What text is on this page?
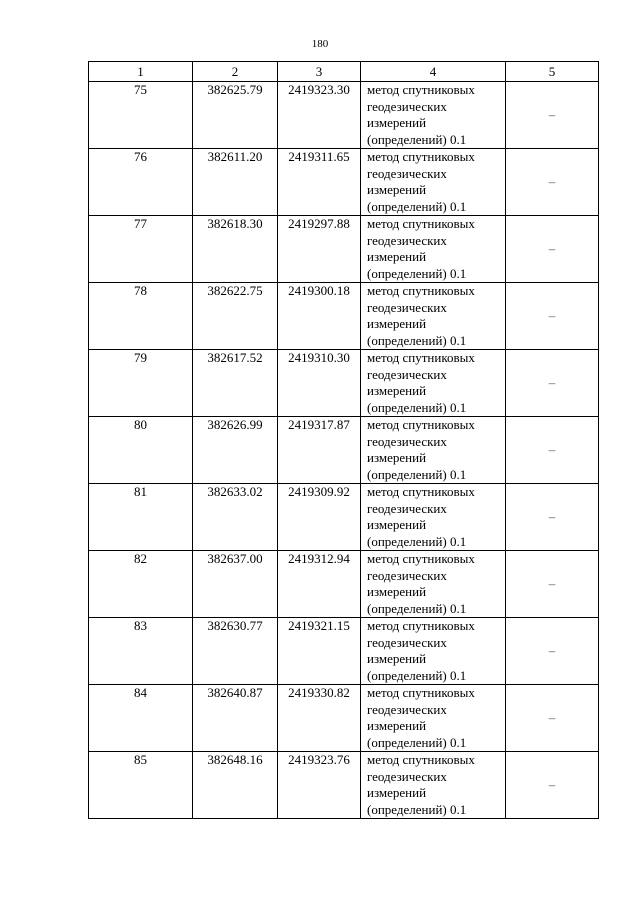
180
1	2	3	4	5
75	382625.79	2419323.30	метод спутниковых геодезических измерений (определений) 0.1	–
76	382611.20	2419311.65	метод спутниковых геодезических измерений (определений) 0.1	–
77	382618.30	2419297.88	метод спутниковых геодезических измерений (определений) 0.1	–
78	382622.75	2419300.18	метод спутниковых геодезических измерений (определений) 0.1	–
79	382617.52	2419310.30	метод спутниковых геодезических измерений (определений) 0.1	–
80	382626.99	2419317.87	метод спутниковых геодезических измерений (определений) 0.1	–
81	382633.02	2419309.92	метод спутниковых геодезических измерений (определений) 0.1	–
82	382637.00	2419312.94	метод спутниковых геодезических измерений (определений) 0.1	–
83	382630.77	2419321.15	метод спутниковых геодезических измерений (определений) 0.1	–
84	382640.87	2419330.82	метод спутниковых геодезических измерений (определений) 0.1	–
85	382648.16	2419323.76	метод спутниковых геодезических измерений (определений) 0.1	–
